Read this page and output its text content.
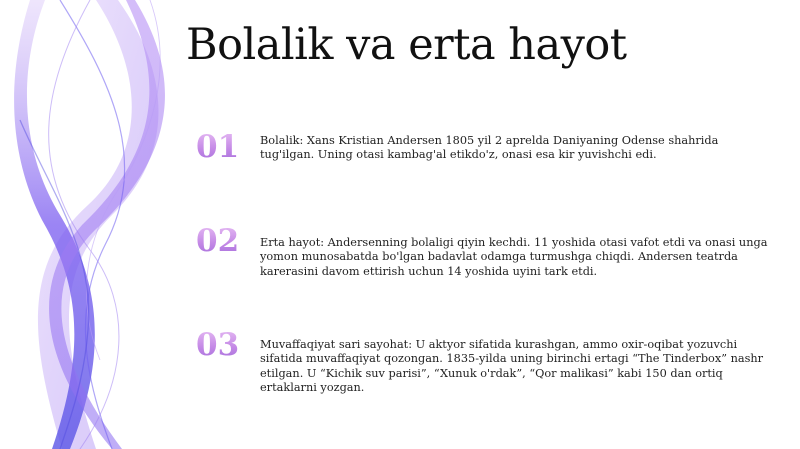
Bolalik va erta hayot
01	Bolalik: Xans Kristian Andersen 1805 yil 2 aprelda Daniyaning Odense shahrida tug'ilgan. Uning otasi kambag'al etikdo'z, onasi esa kir yuvishchi edi.
02	Erta hayot: Andersenning bolaligi qiyin kechdi. 11 yoshida otasi vafot etdi va onasi unga yomon munosabatda bo'lgan badavlat odamga turmushga chiqdi. Andersen teatrda karerasini davom ettirish uchun 14 yoshida uyini tark etdi.
03	Muvaffaqiyat sari sayohat: U aktyor sifatida kurashgan, ammo oxir-oqibat yozuvchi sifatida muvaffaqiyat qozongan. 1835-yilda uning birinchi ertagi “The Tinderbox” nashr etilgan. U “Kichik suv parisi”, “Xunuk o'rdak”, “Qor malikasi” kabi 150 dan ortiq ertaklarni yozgan.
